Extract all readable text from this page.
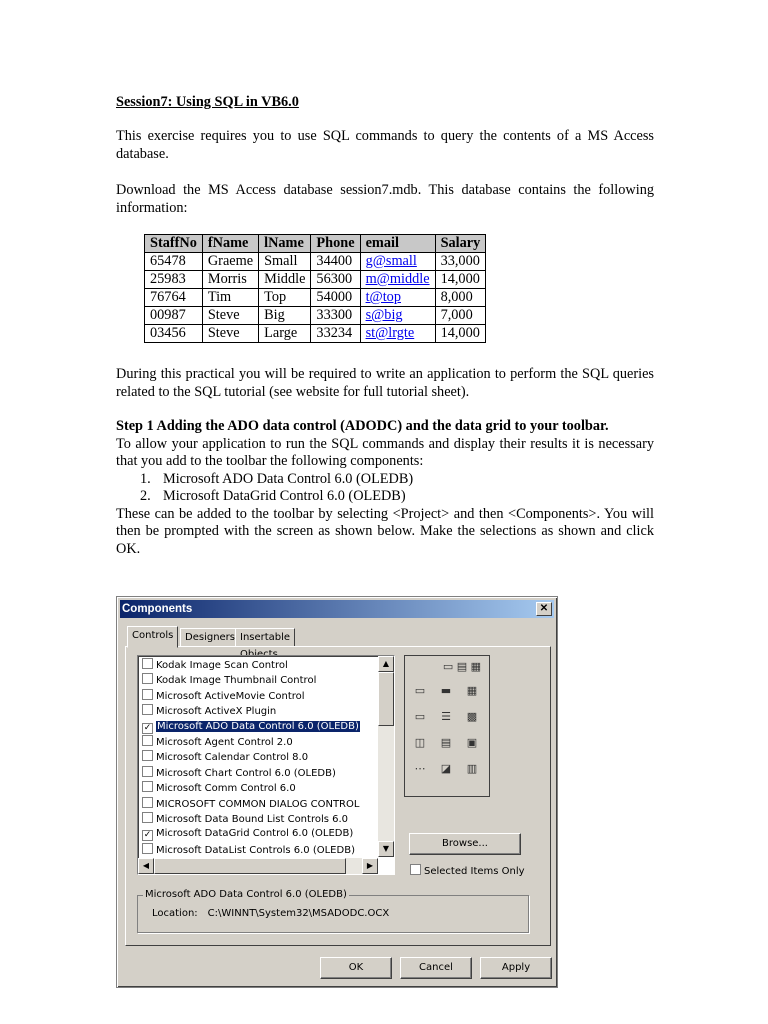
Session7: Using SQL in VB6.0
This exercise requires you to use SQL commands to query the contents of a MS Access database.
Download the MS Access database session7.mdb. This database contains the following information:
StaffNo	fName	lName	Phone	email	Salary
65478	Graeme	Small	34400	g@small	33,000
25983	Morris	Middle	56300	m@middle	14,000
76764	Tim	Top	54000	t@top	8,000
00987	Steve	Big	33300	s@big	7,000
03456	Steve	Large	33234	st@lrgte	14,000
During this practical you will be required to write an application to perform the SQL queries related to the SQL tutorial (see website for full tutorial sheet).
Step 1 Adding the ADO data control (ADODC) and the data grid to your toolbar.
To allow your application to run the SQL commands and display their results it is necessary that you add to the toolbar the following components:
1. Microsoft ADO Data Control 6.0 (OLEDB)
2. Microsoft DataGrid Control 6.0 (OLEDB)
These can be added to the toolbar by selecting <Project> and then <Components>. You will then be prompted with the screen as shown below. Make the selections as shown and click OK.
Components	✕
Controls	Designers Insertable
Kodak Image Scan Control
Kodak Image Thumbnail Control
Microsoft ActiveMovie Control
Microsoft ActiveX Plugin
✓ Microsoft ADO Data Control 6.0 (OLEDB)
Microsoft Agent Control 2.0
Microsoft Calendar Control 8.0
Microsoft Chart Control 6.0 (OLEDB)
Microsoft Comm Control 6.0
MICROSOFT COMMON DIALOG CONTROL
Microsoft Data Bound List Controls 6.0
✓ Microsoft DataGrid Control 6.0 (OLEDB)
Microsoft DataList Controls 6.0 (OLEDB)
▲
▼
◀	▶
▭ ▤ ▦
▭	▬	▦
▭	☰	▩
◫	▤	▣
⋯	◪	▥
Browse...
Selected Items Only
Microsoft ADO Data Control 6.0 (OLEDB)
Location: C:\WINNT\System32\MSADODC.OCX
OK	Cancel	Apply
